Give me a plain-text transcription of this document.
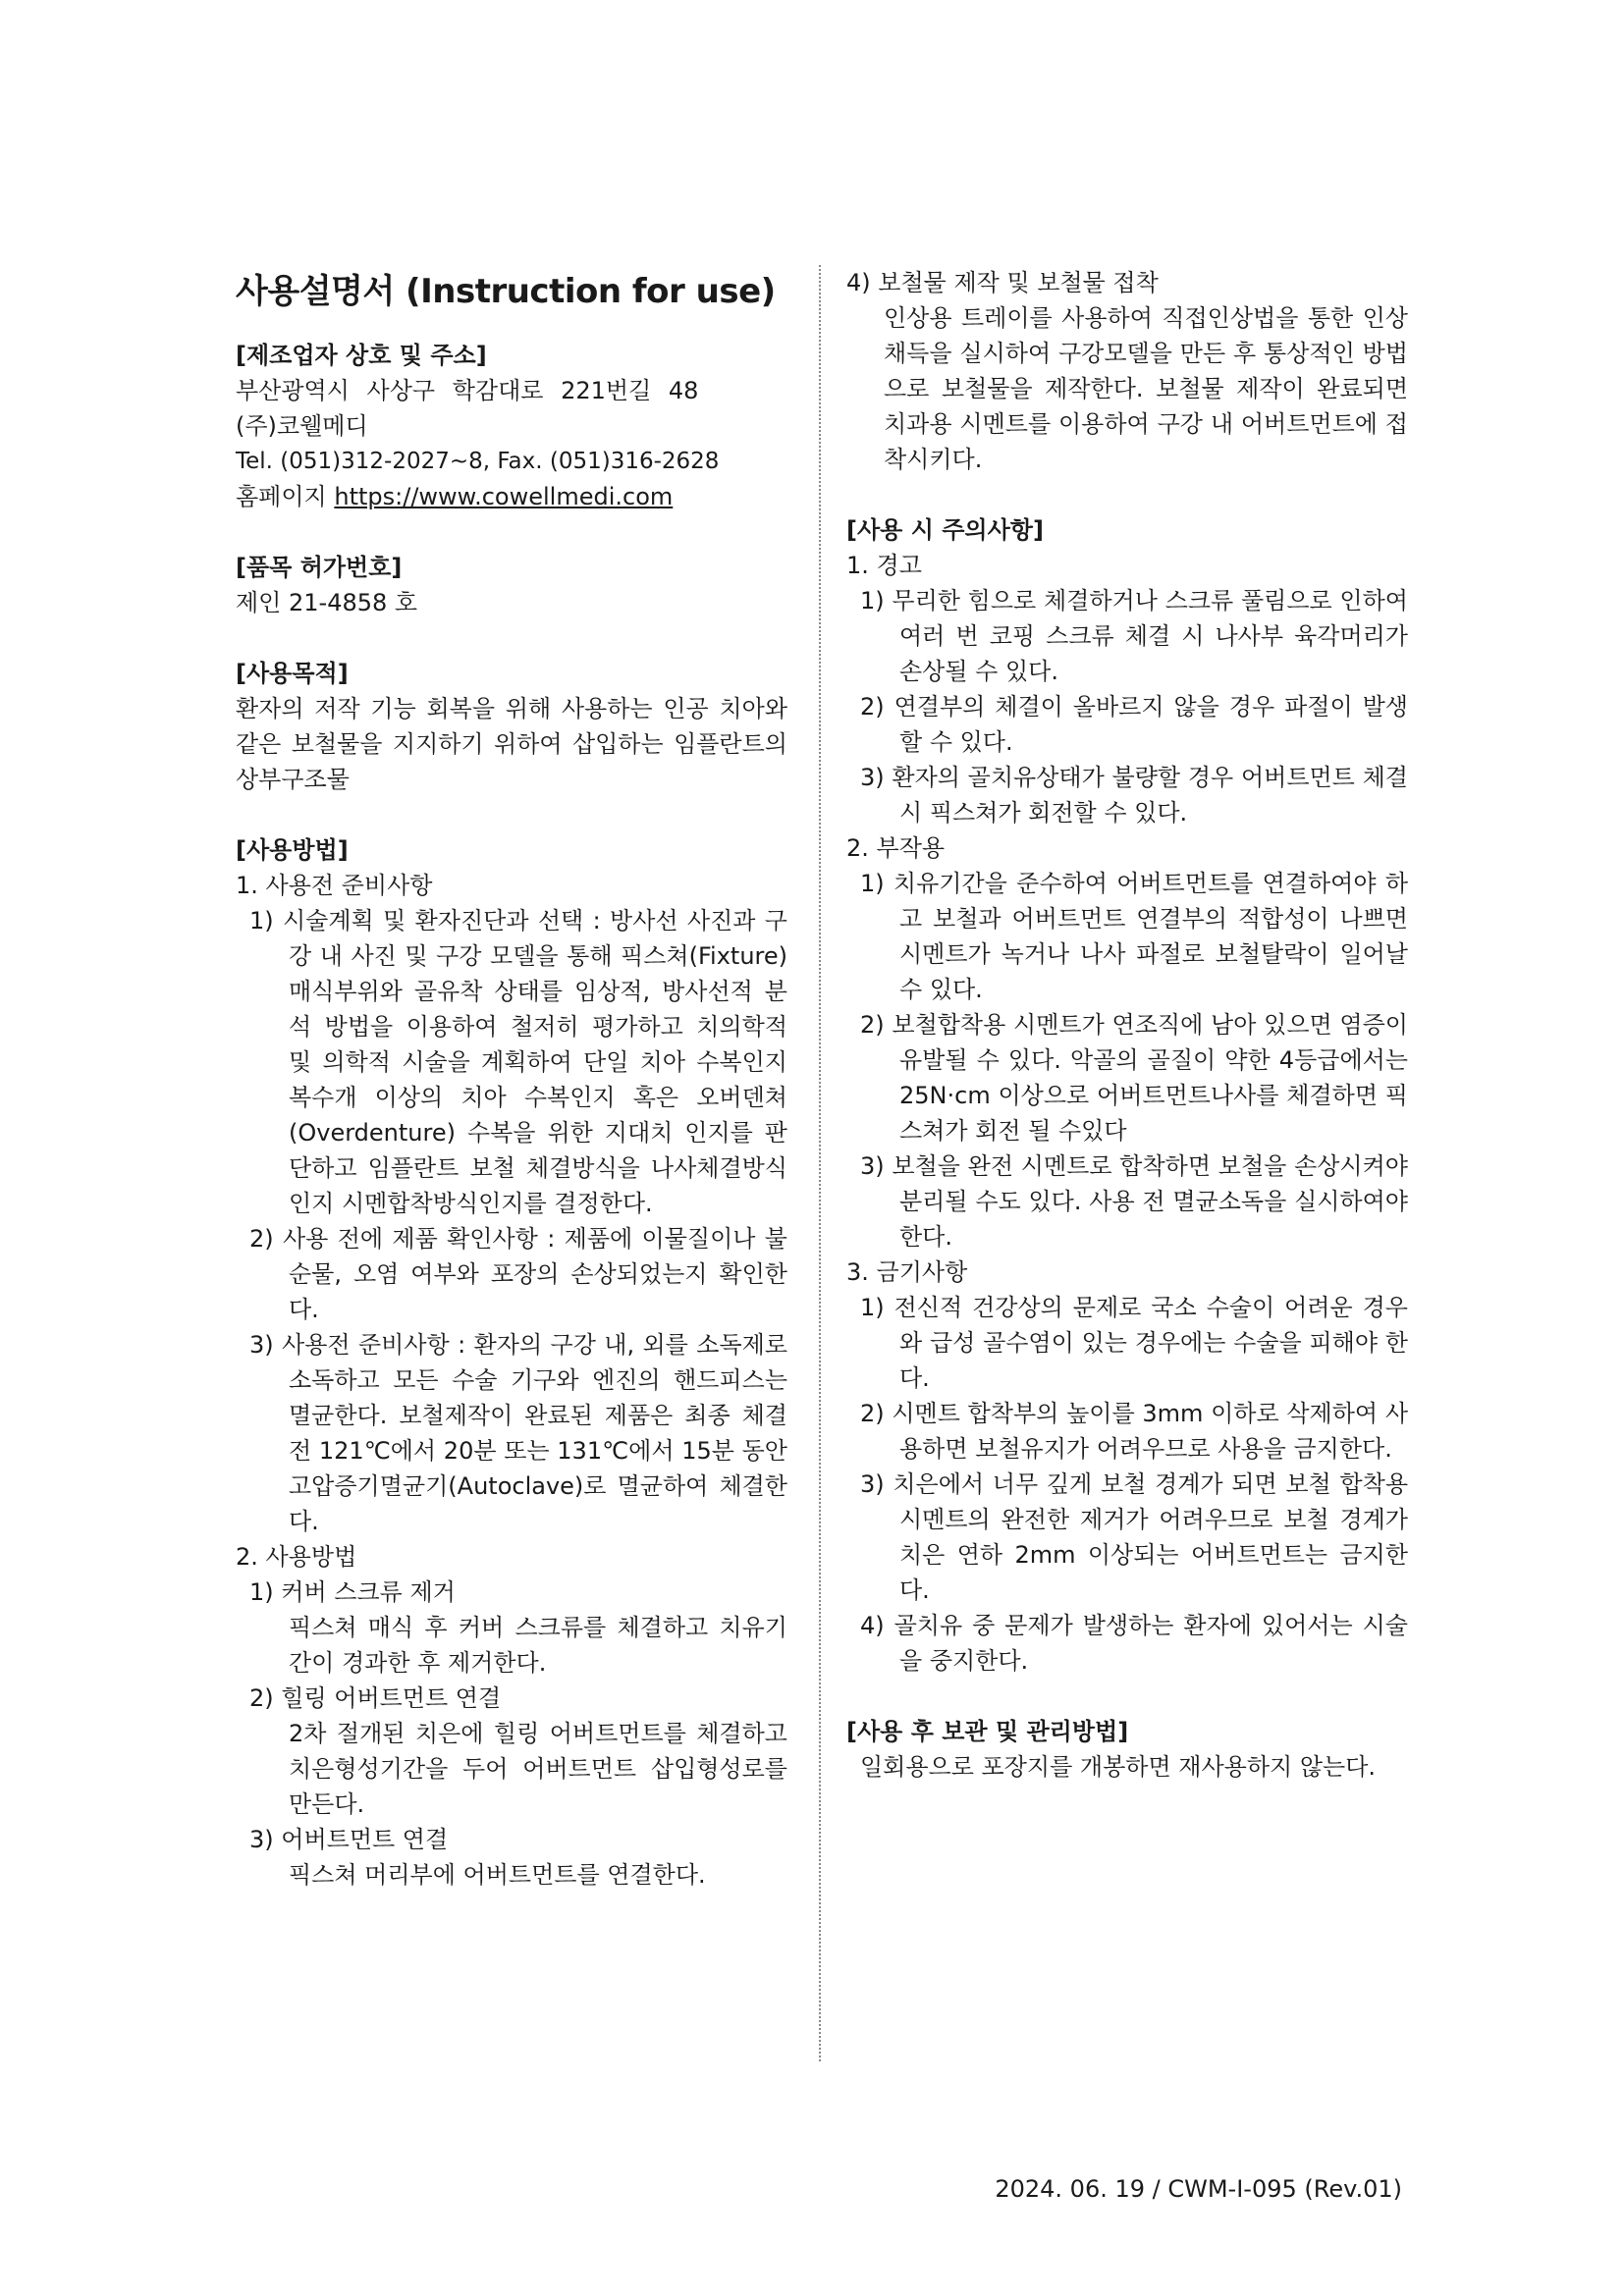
사용설명서 (Instruction for use)
[제조업자 상호 및 주소]
부산광역시 사상구 학감대로 221번길 48
(주)코웰메디
Tel. (051)312-2027~8, Fax. (051)316-2628
홈페이지 https://www.cowellmedi.com
[품목 허가번호]
제인 21-4858 호
[사용목적]
환자의 저작 기능 회복을 위해 사용하는 인공 치아와 같은 보철물을 지지하기 위하여 삽입하는 임플란트의 상부구조물
[사용방법]
1. 사용전 준비사항
1) 시술계획 및 환자진단과 선택 : 방사선 사진과 구강 내 사진 및 구강 모델을 통해 픽스쳐(Fixture) 매식부위와 골유착 상태를 임상적, 방사선적 분석 방법을 이용하여 철저히 평가하고 치의학적 및 의학적 시술을 계획하여 단일 치아 수복인지 복수개 이상의 치아 수복인지 혹은 오버덴쳐(Overdenture) 수복을 위한 지대치 인지를 판단하고 임플란트 보철 체결방식을 나사체결방식인지 시멘합착방식인지를 결정한다.
2) 사용 전에 제품 확인사항 : 제품에 이물질이나 불순물, 오염 여부와 포장의 손상되었는지 확인한다.
3) 사용전 준비사항 : 환자의 구강 내, 외를 소독제로 소독하고 모든 수술 기구와 엔진의 핸드피스는 멸균한다. 보철제작이 완료된 제품은 최종 체결 전 121℃에서 20분 또는 131℃에서 15분 동안 고압증기멸균기(Autoclave)로 멸균하여 체결한다.
2. 사용방법
1) 커버 스크류 제거
픽스쳐 매식 후 커버 스크류를 체결하고 치유기간이 경과한 후 제거한다.
2) 힐링 어버트먼트 연결
2차 절개된 치은에 힐링 어버트먼트를 체결하고 치은형성기간을 두어 어버트먼트 삽입형성로를 만든다.
3) 어버트먼트 연결
픽스쳐 머리부에 어버트먼트를 연결한다.
4) 보철물 제작 및 보철물 접착
인상용 트레이를 사용하여 직접인상법을 통한 인상채득을 실시하여 구강모델을 만든 후 통상적인 방법으로 보철물을 제작한다. 보철물 제작이 완료되면 치과용 시멘트를 이용하여 구강 내 어버트먼트에 접착시키다.
[사용 시 주의사항]
1. 경고
1) 무리한 힘으로 체결하거나 스크류 풀림으로 인하여 여러 번 코핑 스크류 체결 시 나사부 육각머리가 손상될 수 있다.
2) 연결부의 체결이 올바르지 않을 경우 파절이 발생할 수 있다.
3) 환자의 골치유상태가 불량할 경우 어버트먼트 체결 시 픽스쳐가 회전할 수 있다.
2. 부작용
1) 치유기간을 준수하여 어버트먼트를 연결하여야 하고 보철과 어버트먼트 연결부의 적합성이 나쁘면 시멘트가 녹거나 나사 파절로 보철탈락이 일어날 수 있다.
2) 보철합착용 시멘트가 연조직에 남아 있으면 염증이 유발될 수 있다. 악골의 골질이 약한 4등급에서는 25N·cm 이상으로 어버트먼트나사를 체결하면 픽스쳐가 회전 될 수있다
3) 보철을 완전 시멘트로 합착하면 보철을 손상시켜야 분리될 수도 있다. 사용 전 멸균소독을 실시하여야 한다.
3. 금기사항
1) 전신적 건강상의 문제로 국소 수술이 어려운 경우와 급성 골수염이 있는 경우에는 수술을 피해야 한다.
2) 시멘트 합착부의 높이를 3mm 이하로 삭제하여 사용하면 보철유지가 어려우므로 사용을 금지한다.
3) 치은에서 너무 깊게 보철 경계가 되면 보철 합착용 시멘트의 완전한 제거가 어려우므로 보철 경계가 치은 연하 2mm 이상되는 어버트먼트는 금지한다.
4) 골치유 중 문제가 발생하는 환자에 있어서는 시술을 중지한다.
[사용 후 보관 및 관리방법]
일회용으로 포장지를 개봉하면 재사용하지 않는다.
2024. 06. 19 / CWM-I-095 (Rev.01)
